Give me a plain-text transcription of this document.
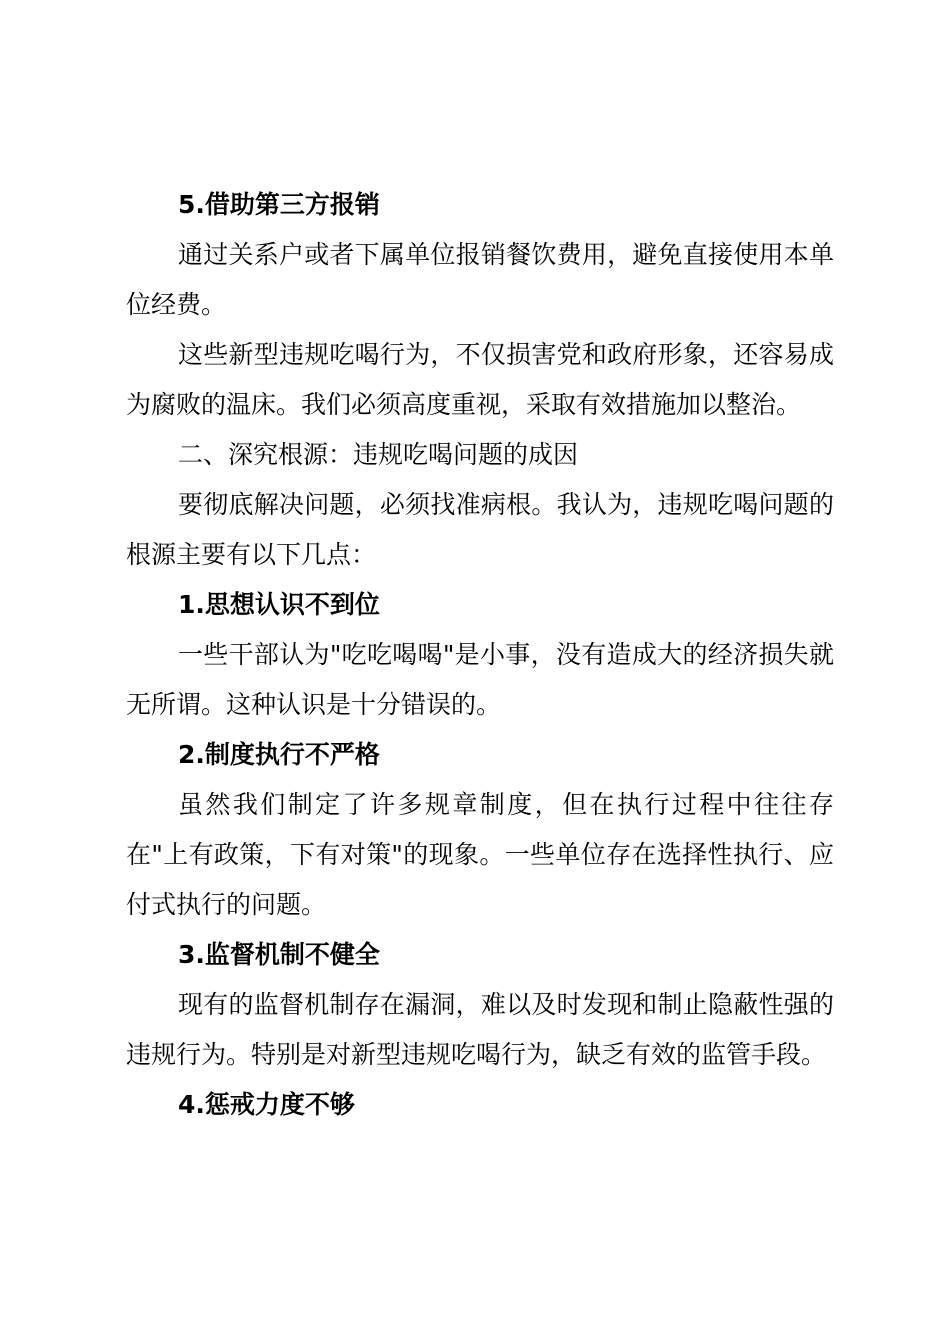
5.借助第三方报销

通过关系户或者下属单位报销餐饮费用，避免直接使用本单位经费。

这些新型违规吃喝行为，不仅损害党和政府形象，还容易成为腐败的温床。我们必须高度重视，采取有效措施加以整治。

二、深究根源：违规吃喝问题的成因

要彻底解决问题，必须找准病根。我认为，违规吃喝问题的根源主要有以下几点：

1.思想认识不到位

一些干部认为"吃吃喝喝"是小事，没有造成大的经济损失就无所谓。这种认识是十分错误的。

2.制度执行不严格

虽然我们制定了许多规章制度，但在执行过程中往往存在"上有政策，下有对策"的现象。一些单位存在选择性执行、应付式执行的问题。

3.监督机制不健全

现有的监督机制存在漏洞，难以及时发现和制止隐蔽性强的违规行为。特别是对新型违规吃喝行为，缺乏有效的监管手段。

4.惩戒力度不够
